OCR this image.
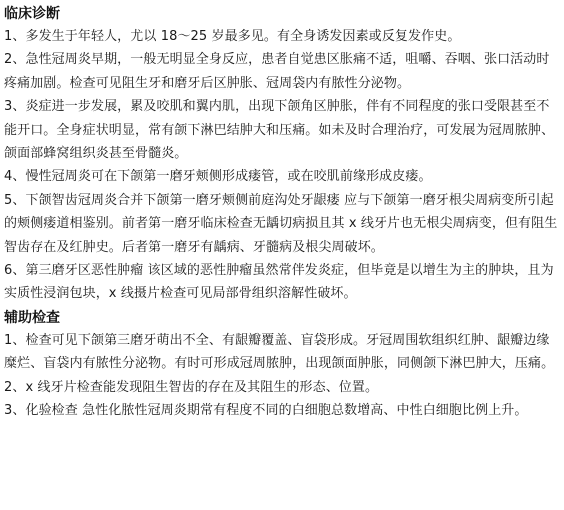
临床诊断

1、多发生于年轻人，尤以 18～25 岁最多见。有全身诱发因素或反复发作史。

2、急性冠周炎早期，一般无明显全身反应，患者自觉患区胀痛不适，咀嚼、吞咽、张口活动时疼痛加剧。检查可见阻生牙和磨牙后区肿胀、冠周袋内有脓性分泌物。

3、炎症进一步发展，累及咬肌和翼内肌，出现下颌角区肿胀，伴有不同程度的张口受限甚至不能开口。全身症状明显，常有颌下淋巴结肿大和压痛。如未及时合理治疗，可发展为冠周脓肿、颌面部蜂窝组织炎甚至骨髓炎。

4、慢性冠周炎可在下颌第一磨牙颊侧形成瘘管，或在咬肌前缘形成皮瘘。

5、下颌智齿冠周炎合并下颌第一磨牙颊侧前庭沟处牙龈瘘 应与下颌第一磨牙根尖周病变所引起的颊侧瘘道相鉴别。前者第一磨牙临床检查无龋切病损且其 x 线牙片也无根尖周病变，但有阻生智齿存在及红肿史。后者第一磨牙有龋病、牙髓病及根尖周破坏。

6、第三磨牙区恶性肿瘤 该区域的恶性肿瘤虽然常伴发炎症，但毕竟是以增生为主的肿块，且为实质性浸润包块，x 线摄片检查可见局部骨组织溶解性破坏。

辅助检查

1、检查可见下颌第三磨牙萌出不全、有龈瓣覆盖、盲袋形成。牙冠周围软组织红肿、龈瓣边缘糜烂、盲袋内有脓性分泌物。有时可形成冠周脓肿，出现颌面肿胀，同侧颌下淋巴肿大，压痛。

2、x 线牙片检查能发现阻生智齿的存在及其阻生的形态、位置。

3、化验检查 急性化脓性冠周炎期常有程度不同的白细胞总数增高、中性白细胞比例上升。
